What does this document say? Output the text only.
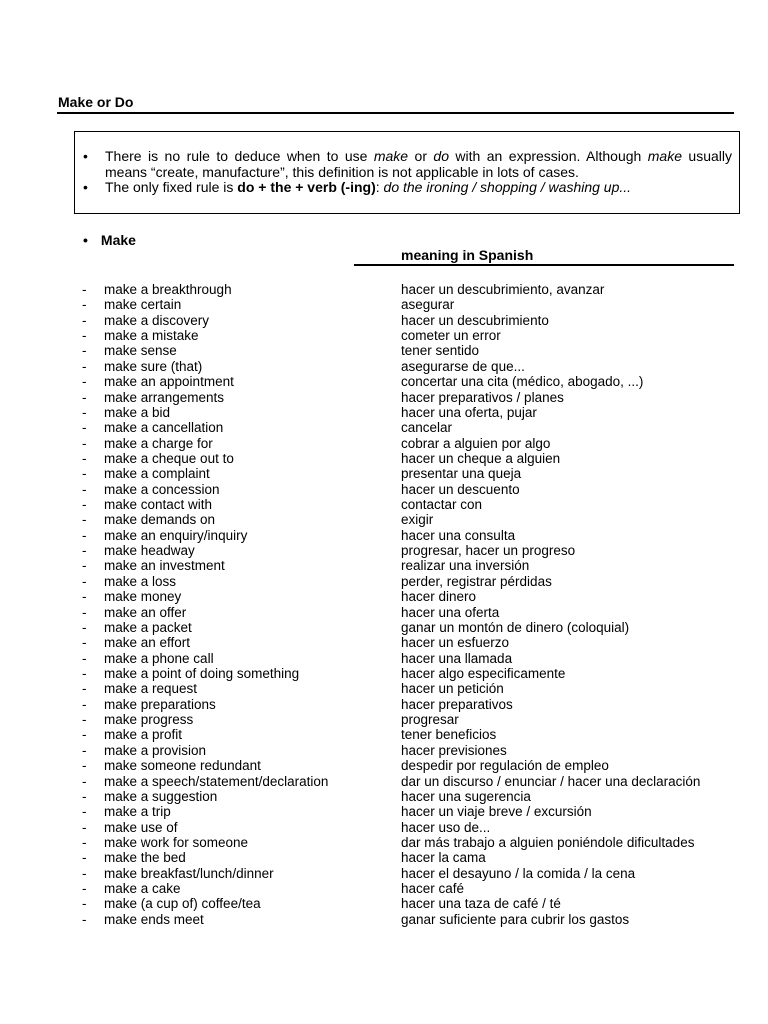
Make or Do
• There is no rule to deduce when to use make or do with an expression. Although make usually means “create, manufacture”, this definition is not applicable in lots of cases.
• The only fixed rule is do + the + verb (-ing): do the ironing / shopping / washing up...
• Make
meaning in Spanish
- make a breakthrough	hacer un descubrimiento, avanzar
- make certain	asegurar
- make a discovery	hacer un descubrimiento
- make a mistake	cometer un error
- make sense	tener sentido
- make sure (that)	asegurarse de que...
- make an appointment	concertar una cita (médico, abogado, ...)
- make arrangements	hacer preparativos / planes
- make a bid	hacer una oferta, pujar
- make a cancellation	cancelar
- make a charge for	cobrar a alguien por algo
- make a cheque out to	hacer un cheque a alguien
- make a complaint	presentar una queja
- make a concession	hacer un descuento
- make contact with	contactar con
- make demands on	exigir
- make an enquiry/inquiry	hacer una consulta
- make headway	progresar, hacer un progreso
- make an investment	realizar una inversión
- make a loss	perder, registrar pérdidas
- make money	hacer dinero
- make an offer	hacer una oferta
- make a packet	ganar un montón de dinero (coloquial)
- make an effort	hacer un esfuerzo
- make a phone call	hacer una llamada
- make a point of doing something	hacer algo especificamente
- make a request	hacer un petición
- make preparations	hacer preparativos
- make progress	progresar
- make a profit	tener beneficios
- make a provision	hacer previsiones
- make someone redundant	despedir por regulación de empleo
- make a speech/statement/declaration	dar un discurso / enunciar / hacer una declaración
- make a suggestion	hacer una sugerencia
- make a trip	hacer un viaje breve / excursión
- make use of	hacer uso de...
- make work for someone	dar más trabajo a alguien poniéndole dificultades
- make the bed	hacer la cama
- make breakfast/lunch/dinner	hacer el desayuno / la comida / la cena
- make a cake	hacer café
- make (a cup of) coffee/tea	hacer una taza de café / té
- make ends meet	ganar suficiente para cubrir los gastos
